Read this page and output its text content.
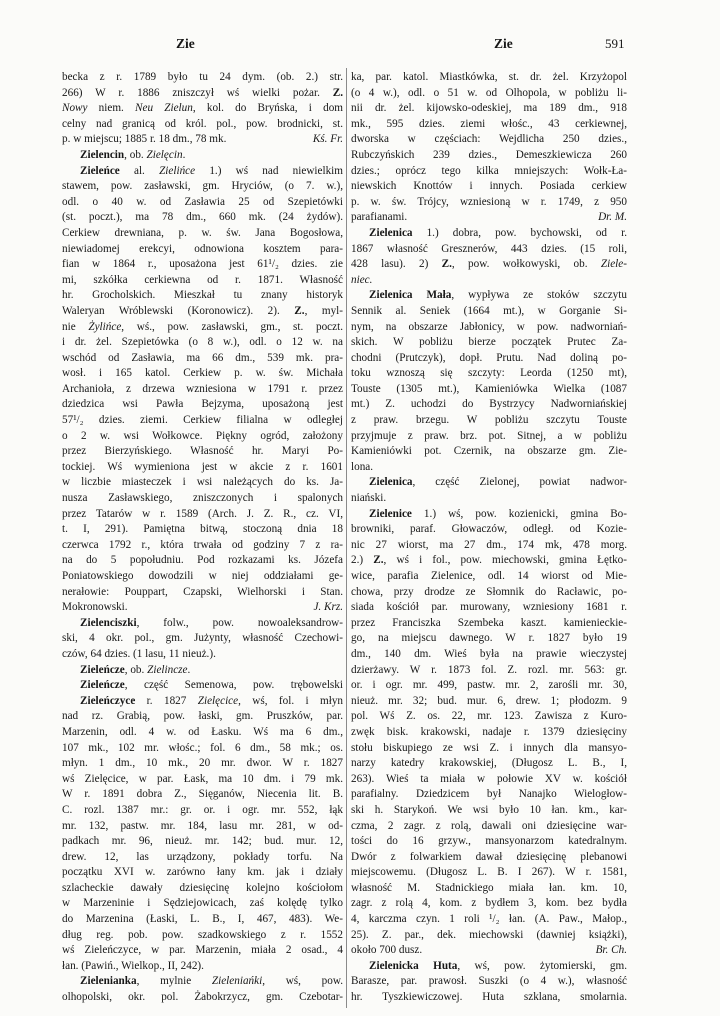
Zie	Zie	591
becka z r. 1789 było tu 24 dym. (ob. 2.) str.
266) W r. 1886 zniszczył wś wielki pożar. Z.
Nowy niem. Neu Zielun, kol. do Bryńska, i dom
celny nad granicą od król. pol., pow. brodnicki, st.
Kś. Fr.
p. w miejscu; 1885 r. 18 dm., 78 mk.
Zielencin, ob. Zielęcin.
Zieleńce al. Zielińce 1.) wś nad niewielkim
stawem, pow. zasławski, gm. Hryciów, (o 7. w.),
odl. o 40 w. od Zasławia 25 od Szepietówki
(st. poczt.), ma 78 dm., 660 mk. (24 żydów).
Cerkiew drewniana, p. w. św. Jana Bogosłowa,
niewiadomej erekcyi, odnowiona kosztem para-
fian w 1864 r., uposażona jest 61¹/₂ dzies. zie
mi, szkółka cerkiewna od r. 1871. Własność
hr. Grocholskich. Mieszkał tu znany historyk
Waleryan Wróblewski (Koronowicz). 2). Z., myl-
nie Żylińce, wś., pow. zasławski, gm., st. poczt.
i dr. żel. Szepietówka (o 8 w.), odl. o 12 w. na
wschód od Zasławia, ma 66 dm., 539 mk. pra-
wosł. i 165 katol. Cerkiew p. w. św. Michała
Archanioła, z drzewa wzniesiona w 1791 r. przez
dziedzica wsi Pawła Bejzyma, uposażoną jest
57¹/₂ dzies. ziemi. Cerkiew filialna w odległej
o 2 w. wsi Wołkowce. Piękny ogród, założony
przez Bierzyńskiego. Własność hr. Maryi Po-
tockiej. Wś wymieniona jest w akcie z r. 1601
w liczbie miasteczek i wsi należących do ks. Ja-
nusza Zasławskiego, zniszczonych i spalonych
przez Tatarów w r. 1589 (Arch. J. Z. R., cz. VI,
t. I, 291). Pamiętna bitwą, stoczoną dnia 18
czerwca 1792 r., która trwała od godziny 7 z ra-
na do 5 popołudniu. Pod rozkazami ks. Józefa
Poniatowskiego dowodzili w niej oddziałami ge-
nerałowie: Pouppart, Czapski, Wielhorski i Stan.
J. Krz.
Mokronowski.
Zielenciszki, folw., pow. nowoaleksandrow-
ski, 4 okr. pol., gm. Jużynty, własność Czechowi-
czów, 64 dzies. (1 lasu, 11 nieuż.).
Zieleńcze, ob. Zielincze.
Zieleńcze, część Semenowa, pow. trębowelski
Zieleńczyce r. 1827 Zielęcice, wś, fol. i młyn
nad rz. Grabią, pow. łaski, gm. Pruszków, par.
Marzenin, odl. 4 w. od Łasku. Wś ma 6 dm.,
107 mk., 102 mr. włośc.; fol. 6 dm., 58 mk.; os.
młyn. 1 dm., 10 mk., 20 mr. dwor. W r. 1827
wś Zielęcice, w par. Łask, ma 10 dm. i 79 mk.
W r. 1891 dobra Z., Sięganów, Niecenia lit. B.
C. rozl. 1387 mr.: gr. or. i ogr. mr. 552, łąk
mr. 132, pastw. mr. 184, lasu mr. 281, w od-
padkach mr. 96, nieuż. mr. 142; bud. mur. 12,
drew. 12, las urządzony, pokłady torfu. Na
początku XVI w. zarówno łany km. jak i działy
szlacheckie dawały dziesięcinę kolejno kościołom
w Marzeninie i Sędziejowicach, zaś kolędę tylko
do Marzenina (Łaski, L. B., I, 467, 483). We-
dług reg. pob. pow. szadkowskiego z r. 1552
wś Zieleńczyce, w par. Marzenin, miała 2 osad., 4
łan. (Pawiń., Wielkop., II, 242).
Zielenianka, mylnie Zieleniańki, wś, pow.
olhopolski, okr. pol. Żabokrzycz, gm. Czebotar-
ka, par. katol. Miastkówka, st. dr. żel. Krzyżopol
(o 4 w.), odl. o 51 w. od Olhopola, w pobliżu li-
nii dr. żel. kijowsko-odeskiej, ma 189 dm., 918
mk., 595 dzies. ziemi włośc., 43 cerkiewnej,
dworska w częściach: Wejdlicha 250 dzies.,
Rubczyńskich 239 dzies., Demeszkiewicza 260
dzies.; oprócz tego kilka mniejszych: Wołk-Ła-
niewskich Knottów i innych. Posiada cerkiew
p. w. św. Trójcy, wzniesioną w r. 1749, z 950
Dr. M.
parafianami.
Zielenica 1.) dobra, pow. bychowski, od r.
1867 własność Gresznerów, 443 dzies. (15 roli,
428 lasu). 2) Z., pow. wołkowyski, ob. Ziele-
niec.
Zielenica Mała, wypływa ze stoków szczytu
Sennik al. Seniek (1664 mt.), w Gorganie Si-
nym, na obszarze Jabłonicy, w pow. nadworniań-
skich. W pobliżu bierze początek Prutec Za-
chodni (Prutczyk), dopł. Prutu. Nad doliną po-
toku wznoszą się szczyty: Leorda (1250 mt),
Touste (1305 mt.), Kamieniówka Wielka (1087
mt.) Z. uchodzi do Bystrzycy Nadworniańskiej
z praw. brzegu. W pobliżu szczytu Touste
przyjmuje z praw. brz. pot. Sitnej, a w pobliżu
Kamieniówki pot. Czernik, na obszarze gm. Zie-
lona.
Zielenica, część Zielonej, powiat nadwor-
niański.
Zielenice 1.) wś, pow. kozienicki, gmina Bo-
browniki, paraf. Głowaczów, odległ. od Kozie-
nic 27 wiorst, ma 27 dm., 174 mk, 478 morg.
2.) Z., wś i fol., pow. miechowski, gmina Łętko-
wice, parafia Zielenice, odl. 14 wiorst od Mie-
chowa, przy drodze ze Słomnik do Racławic, po-
siada kościół par. murowany, wzniesiony 1681 r.
przez Franciszka Szembeka kaszt. kamienieckie-
go, na miejscu dawnego. W r. 1827 było 19
dm., 140 dm. Wieś była na prawie wieczystej
dzierżawy. W r. 1873 fol. Z. rozl. mr. 563: gr.
or. i ogr. mr. 499, pastw. mr. 2, zarośli mr. 30,
nieuż. mr. 32; bud. mur. 6, drew. 1; płodozm. 9
pol. Wś Z. os. 22, mr. 123. Zawisza z Kuro-
zwęk bisk. krakowski, nadaje r. 1379 dziesięciny
stołu biskupiego ze wsi Z. i innych dla mansyo-
narzy katedry krakowskiej, (Długosz L. B., I,
263). Wieś ta miała w połowie XV w. kościół
parafialny. Dziedzicem był Nanajko Wielogłow-
ski h. Starykoń. We wsi było 10 łan. km., kar-
czma, 2 zagr. z rolą, dawali oni dziesięcine war-
tości do 16 grzyw., mansyonarzom katedralnym.
Dwór z folwarkiem dawał dziesięcinę plebanowi
miejscowemu. (Długosz L. B. I 267). W r. 1581,
własność M. Stadnickiego miała łan. km. 10,
zagr. z rolą 4, kom. z bydłem 3, kom. bez bydła
4, karczma czyn. 1 roli ¹/₂ łan. (A. Paw., Małop.,
25). Z. par., dek. miechowski (dawniej książki),
Br. Ch.
około 700 dusz.
Zielenicka Huta, wś, pow. żytomierski, gm.
Barasze, par. prawosł. Suszki (o 4 w.), własność
hr. Tyszkiewiczowej. Huta szklana, smolarnia.
